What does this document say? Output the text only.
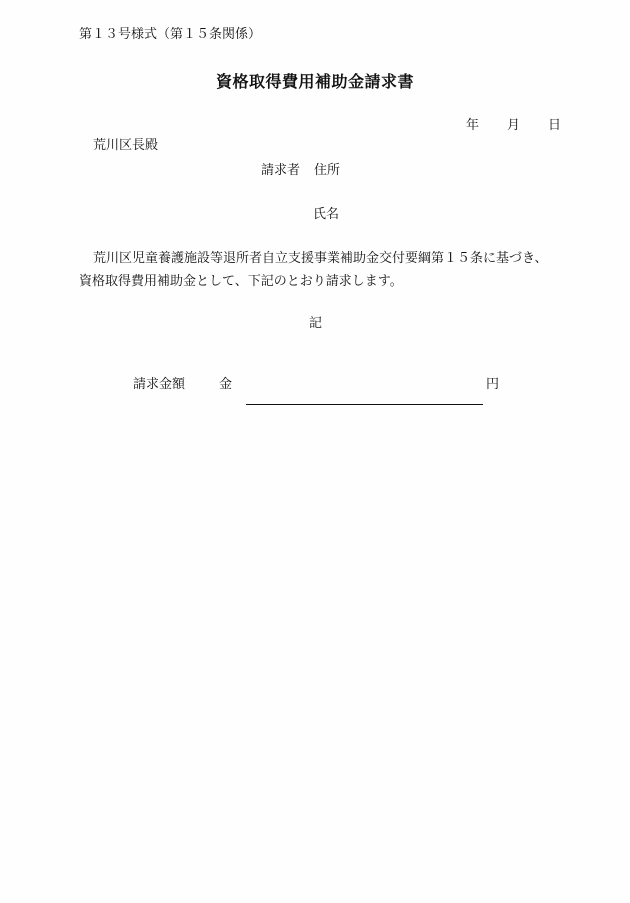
第１３号様式（第１５条関係）
資格取得費用補助金請求書
年 月 日
荒川区長殿
請求者 住所
氏名
荒川区児童養護施設等退所者自立支援事業補助金交付要綱第１５条に基づき、
資格取得費用補助金として、下記のとおり請求します。
記
請求金額	金	円
